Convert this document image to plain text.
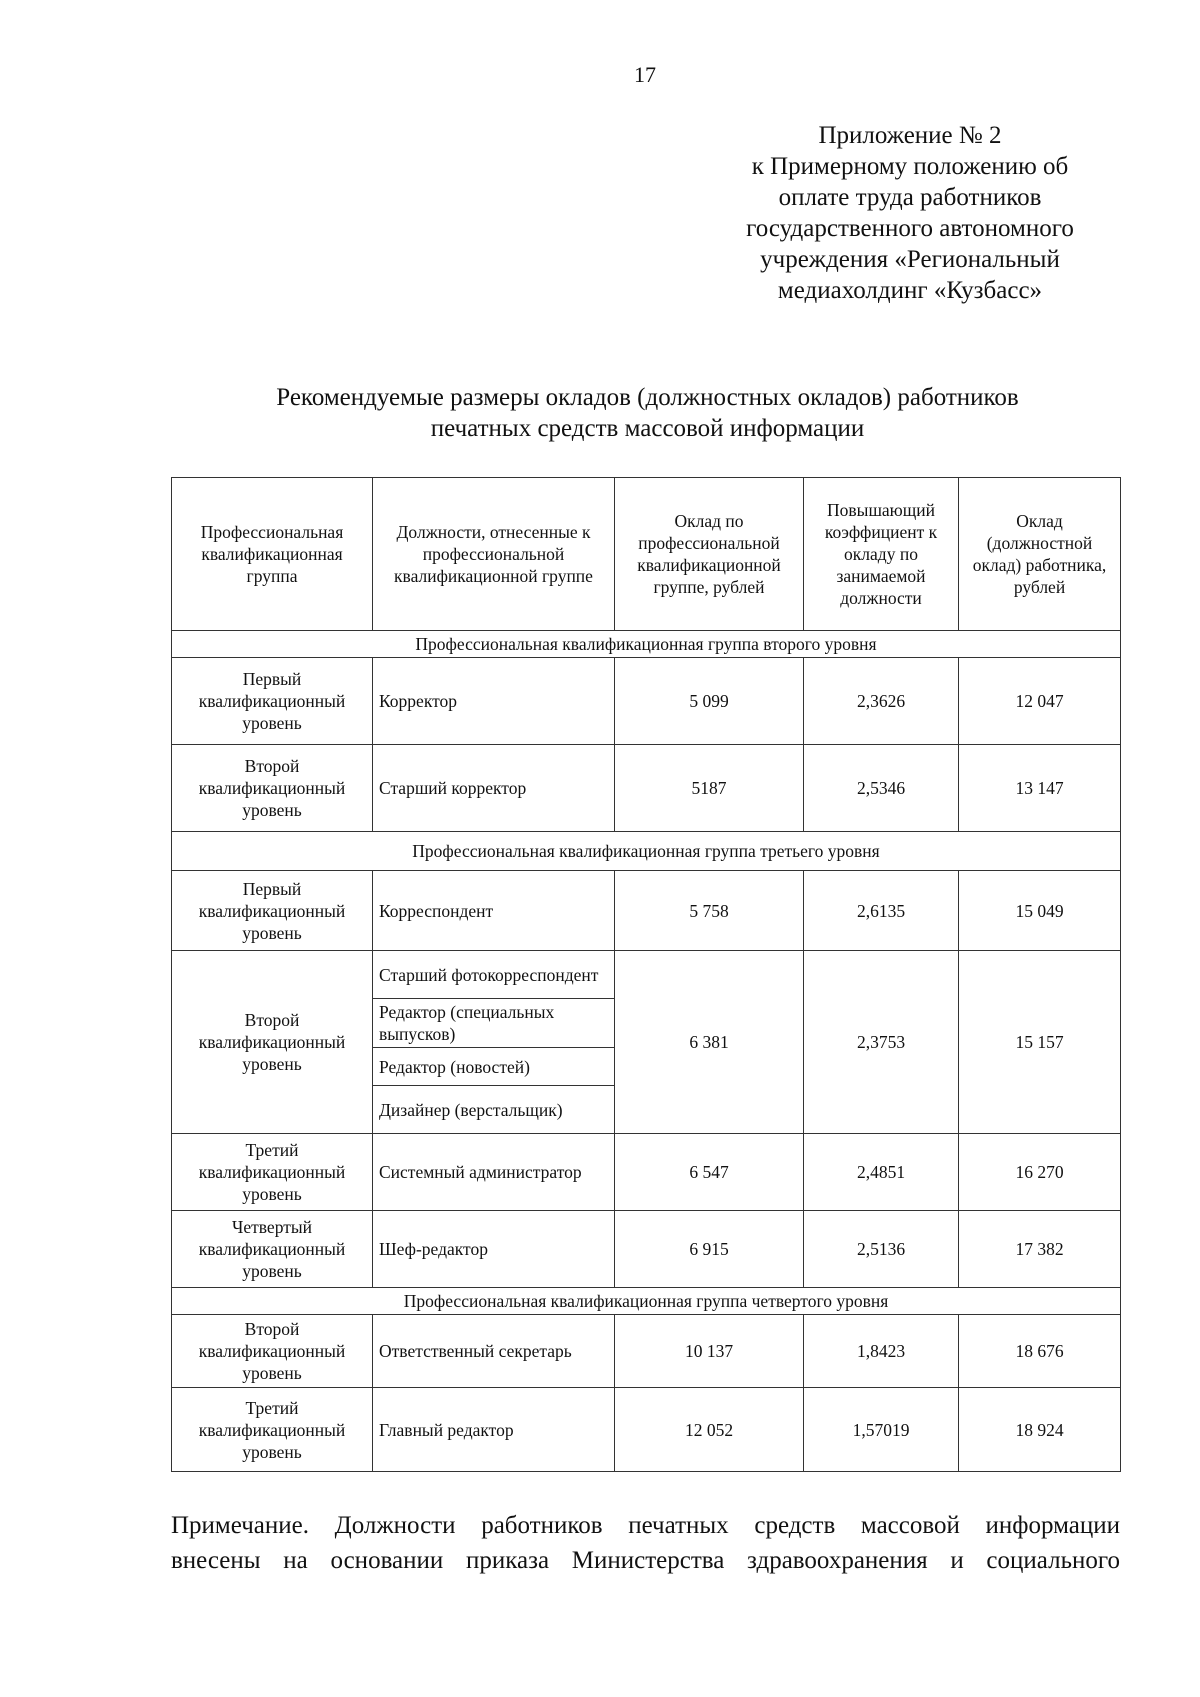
17
Приложение № 2
к Примерному положению об
оплате труда работников
государственного автономного
учреждения «Региональный
медиахолдинг «Кузбасс»
Рекомендуемые размеры окладов (должностных окладов) работников
печатных средств массовой информации
Профессиональная квалификационная группа	Должности, отнесенные к профессиональной квалификационной группе	Оклад по профессиональной квалификационной группе, рублей	Повышающий коэффициент к окладу по занимаемой должности	Оклад (должностной оклад) работника, рублей
Профессиональная квалификационная группа второго уровня				
Первый квалификационный уровень	Корректор	5 099	2,3626	12 047
Второй квалификационный уровень	Старший корректор	5187	2,5346	13 147
Профессиональная квалификационная группа третьего уровня				
Первый квалификационный уровень	Корреспондент	5 758	2,6135	15 049
Второй квалификационный уровень	Старший фотокорреспондент	6 381	2,3753	15 157
	Редактор (специальных выпусков)			
	Редактор (новостей)			
	Дизайнер (верстальщик)			
Третий квалификационный уровень	Системный администратор	6 547	2,4851	16 270
Четвертый квалификационный уровень	Шеф-редактор	6 915	2,5136	17 382
Профессиональная квалификационная группа четвертого уровня				
Второй квалификационный уровень	Ответственный секретарь	10 137	1,8423	18 676
Третий квалификационный уровень	Главный редактор	12 052	1,57019	18 924
Примечание. Должности работников печатных средств массовой информации
внесены на основании приказа Министерства здравоохранения и социального
